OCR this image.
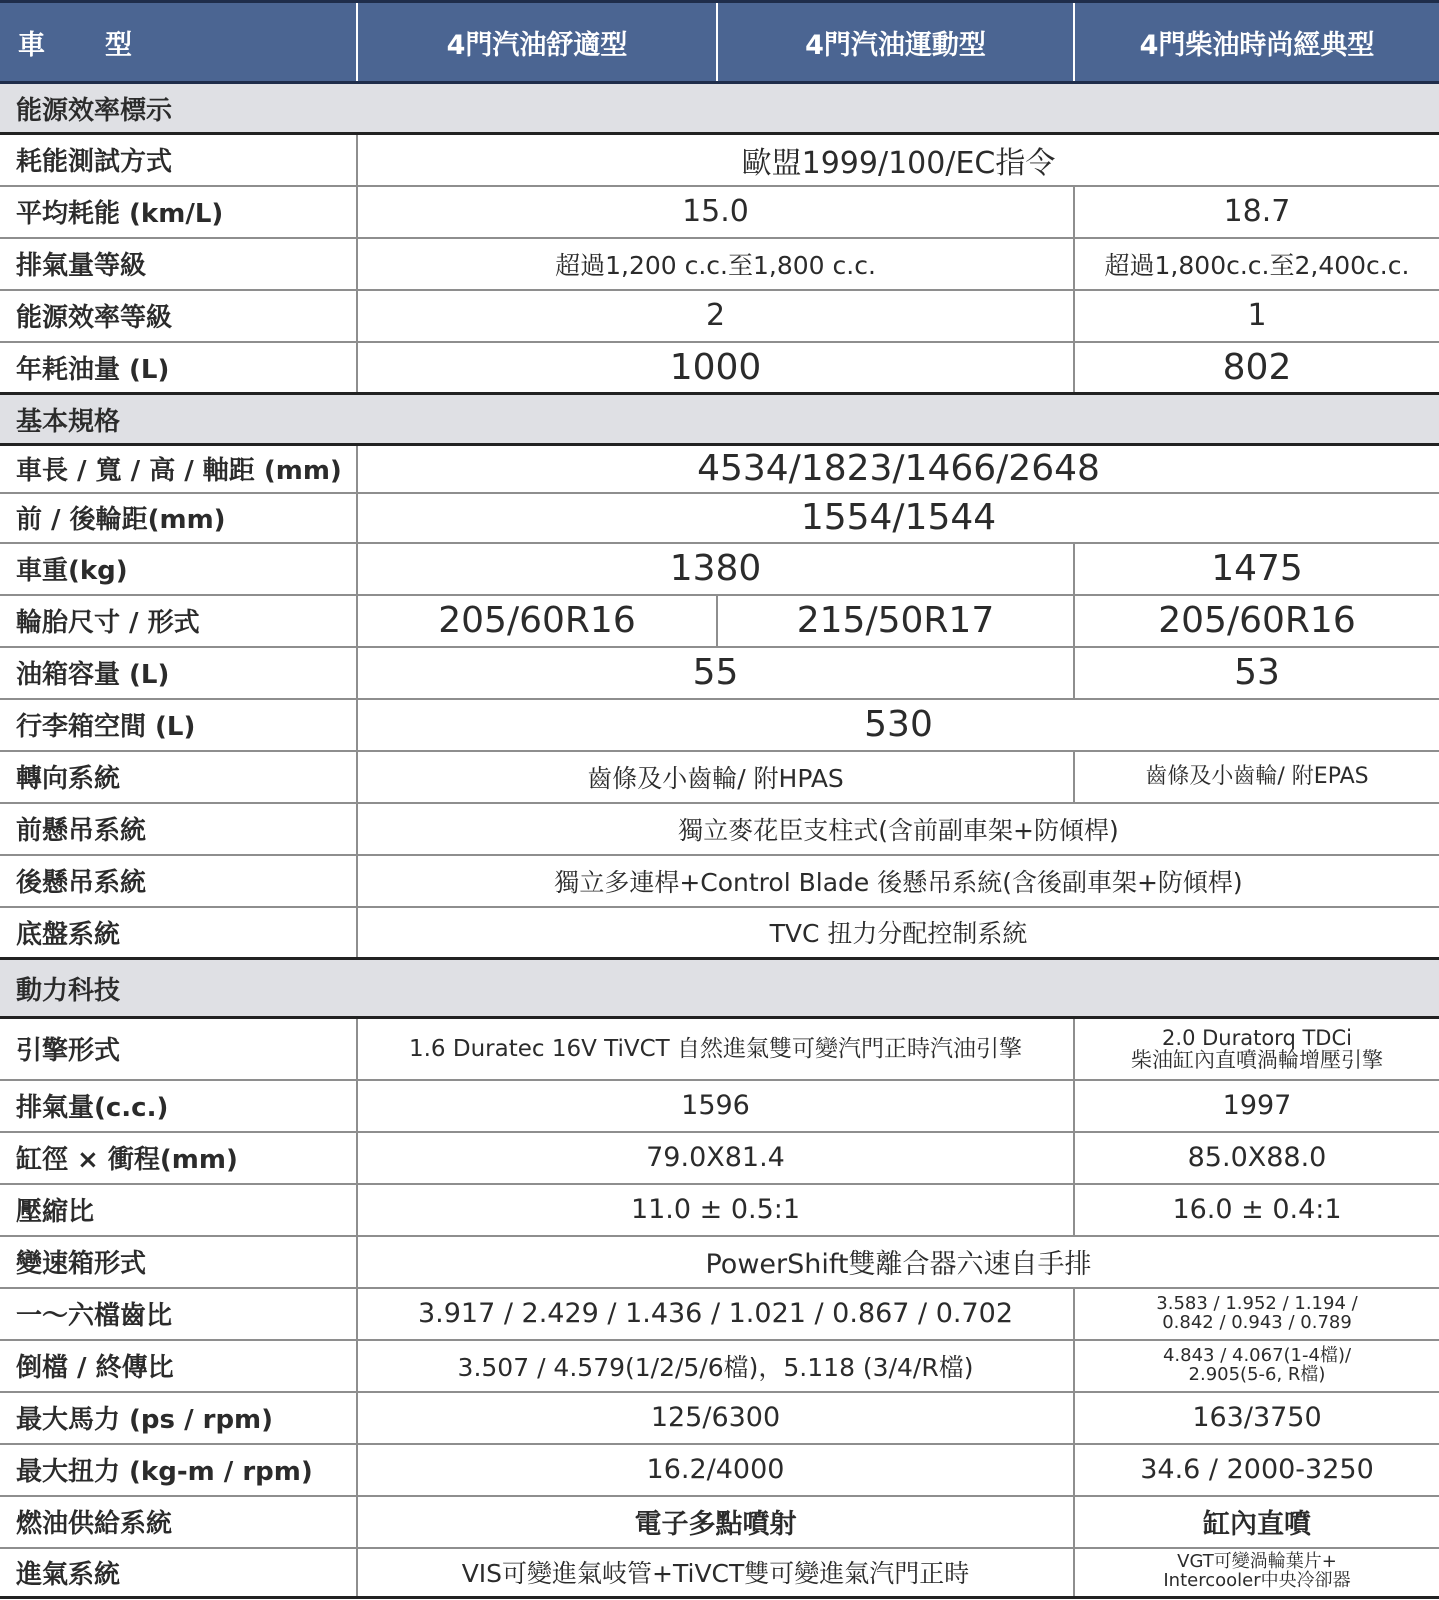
車　　型	4門汽油舒適型	4門汽油運動型	4門柴油時尚經典型
能源效率標示			
耗能測試方式	歐盟1999/100/EC指令		
平均耗能 (km/L)	15.0		18.7
排氣量等級	超過1,200 c.c.至1,800 c.c.		超過1,800c.c.至2,400c.c.
能源效率等級	2		1
年耗油量 (L)	1000		802
基本規格			
車長 / 寬 / 高 / 軸距 (mm)	4534/1823/1466/2648		
前 / 後輪距(mm)	1554/1544		
車重(kg)	1380		1475
輪胎尺寸 / 形式	205/60R16	215/50R17	205/60R16
油箱容量 (L)	55		53
行李箱空間 (L)	530		
轉向系統	齒條及小齒輪/ 附HPAS		齒條及小齒輪/ 附EPAS
前懸吊系統	獨立麥花臣支柱式(含前副車架+防傾桿)		
後懸吊系統	獨立多連桿+Control Blade 後懸吊系統(含後副車架+防傾桿)		
底盤系統	TVC 扭力分配控制系統		
動力科技			
引擎形式	1.6 Duratec 16V TiVCT 自然進氣雙可變汽門正時汽油引擎		2.0 Duratorq TDCi
柴油缸內直噴渦輪增壓引擎

排氣量(c.c.)	1596		1997
缸徑 × 衝程(mm)	79.0X81.4		85.0X88.0
壓縮比	11.0 ± 0.5:1		16.0 ± 0.4:1
變速箱形式	PowerShift雙離合器六速自手排		
一～六檔齒比	3.917 / 2.429 / 1.436 / 1.021 / 0.867 / 0.702		3.583 / 1.952 / 1.194 /
0.842 / 0.943 / 0.789

倒檔 / 終傳比	3.507 / 4.579(1/2/5/6檔)，5.118 (3/4/R檔)		4.843 / 4.067(1-4檔)/
2.905(5-6, R檔)

最大馬力 (ps / rpm)	125/6300		163/3750
最大扭力 (kg-m / rpm)	16.2/4000		34.6 / 2000-3250
燃油供給系統	電子多點噴射		缸內直噴
進氣系統	VIS可變進氣岐管+TiVCT雙可變進氣汽門正時		VGT可變渦輪葉片+
Intercooler中央冷卻器
